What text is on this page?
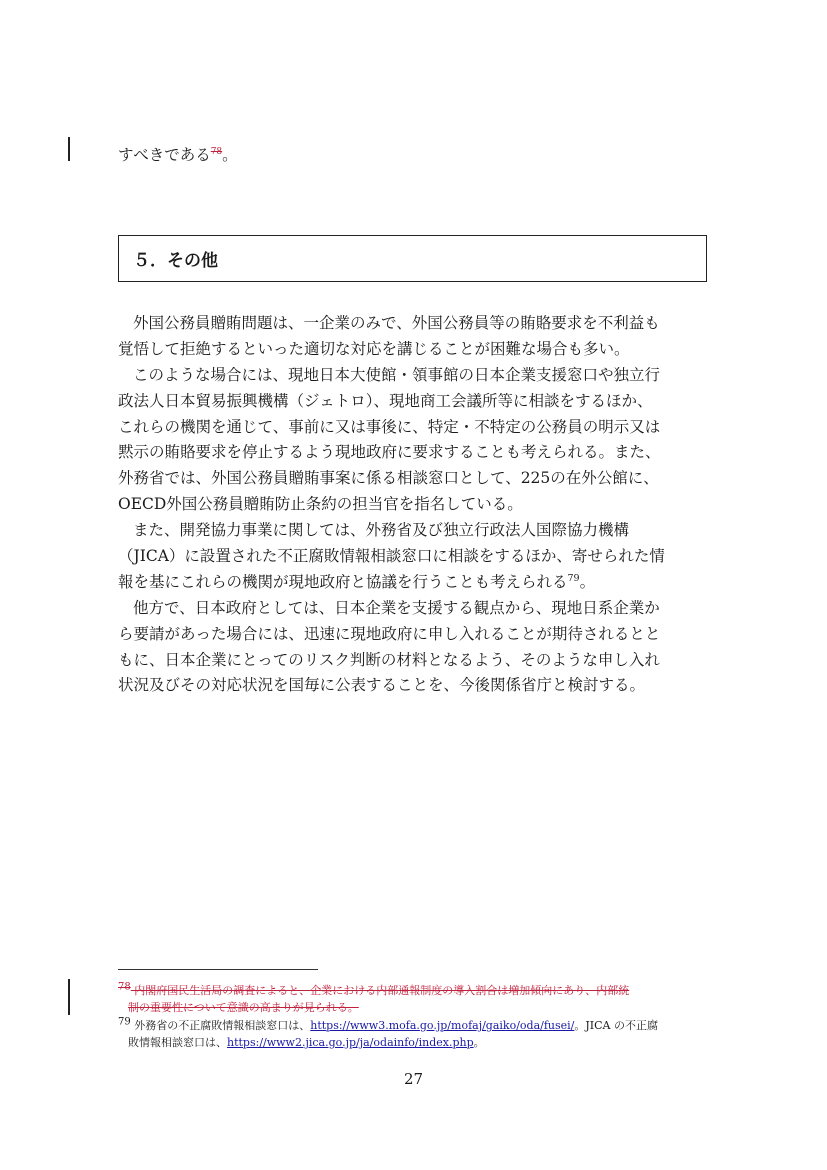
すべきである$^{78}$。
５．その他
外国公務員贈賄問題は、一企業のみで、外国公務員等の賄賂要求を不利益も
覚悟して拒絶するといった適切な対応を講じることが困難な場合も多い。
このような場合には、現地日本大使館・領事館の日本企業支援窓口や独立行
政法人日本貿易振興機構（ジェトロ）、現地商工会議所等に相談をするほか、
これらの機関を通じて、事前に又は事後に、特定・不特定の公務員の明示又は
黙示の賄賂要求を停止するよう現地政府に要求することも考えられる。また、
外務省では、外国公務員贈賄事案に係る相談窓口として、225の在外公館に、
OECD外国公務員贈賄防止条約の担当官を指名している。
また、開発協力事業に関しては、外務省及び独立行政法人国際協力機構
（JICA）に設置された不正腐敗情報相談窓口に相談をするほか、寄せられた情
報を基にこれらの機関が現地政府と協議を行うことも考えられる$^{79}$。
他方で、日本政府としては、日本企業を支援する観点から、現地日系企業か
ら要請があった場合には、迅速に現地政府に申し入れることが期待されるとと
もに、日本企業にとってのリスク判断の材料となるよう、そのような申し入れ
状況及びその対応状況を国毎に公表することを、今後関係省庁と検討する。
78 内閣府国民生活局の調査によると、企業における内部通報制度の導入割合は増加傾向にあり、内部統
制の重要性について意識の高まりが見られる。
79 外務省の不正腐敗情報相談窓口は、https://www3.mofa.go.jp/mofaj/gaiko/oda/fusei/。JICA の不正腐
敗情報相談窓口は、https://www2.jica.go.jp/ja/odainfo/index.php。
27
